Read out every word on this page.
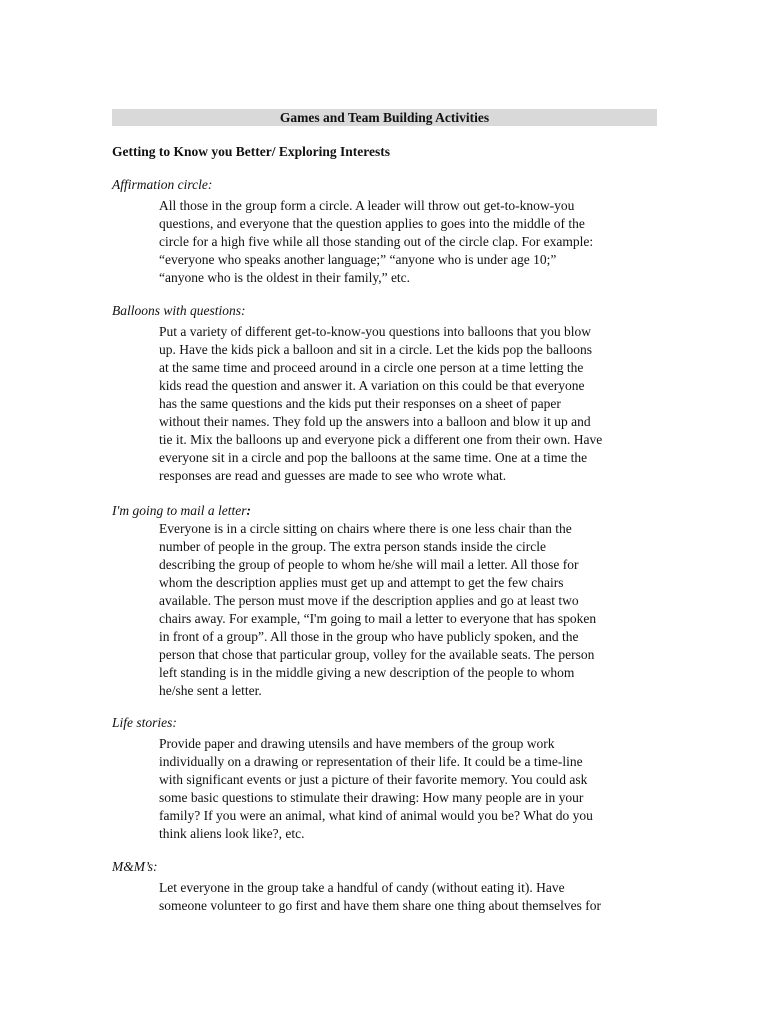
Games and Team Building Activities
Getting to Know you Better/ Exploring Interests
Affirmation circle:
All those in the group form a circle. A leader will throw out get-to-know-you
questions, and everyone that the question applies to goes into the middle of the
circle for a high five while all those standing out of the circle clap. For example:
“everyone who speaks another language;” “anyone who is under age 10;”
“anyone who is the oldest in their family,” etc.
Balloons with questions:
Put a variety of different get-to-know-you questions into balloons that you blow
up. Have the kids pick a balloon and sit in a circle. Let the kids pop the balloons
at the same time and proceed around in a circle one person at a time letting the
kids read the question and answer it. A variation on this could be that everyone
has the same questions and the kids put their responses on a sheet of paper
without their names. They fold up the answers into a balloon and blow it up and
tie it. Mix the balloons up and everyone pick a different one from their own. Have
everyone sit in a circle and pop the balloons at the same time. One at a time the
responses are read and guesses are made to see who wrote what.
I'm going to mail a letter:
Everyone is in a circle sitting on chairs where there is one less chair than the
number of people in the group. The extra person stands inside the circle
describing the group of people to whom he/she will mail a letter. All those for
whom the description applies must get up and attempt to get the few chairs
available. The person must move if the description applies and go at least two
chairs away. For example, “I'm going to mail a letter to everyone that has spoken
in front of a group”. All those in the group who have publicly spoken, and the
person that chose that particular group, volley for the available seats. The person
left standing is in the middle giving a new description of the people to whom
he/she sent a letter.
Life stories:
Provide paper and drawing utensils and have members of the group work
individually on a drawing or representation of their life. It could be a time-line
with significant events or just a picture of their favorite memory. You could ask
some basic questions to stimulate their drawing: How many people are in your
family? If you were an animal, what kind of animal would you be? What do you
think aliens look like?, etc.
M&M’s:
Let everyone in the group take a handful of candy (without eating it). Have
someone volunteer to go first and have them share one thing about themselves for
